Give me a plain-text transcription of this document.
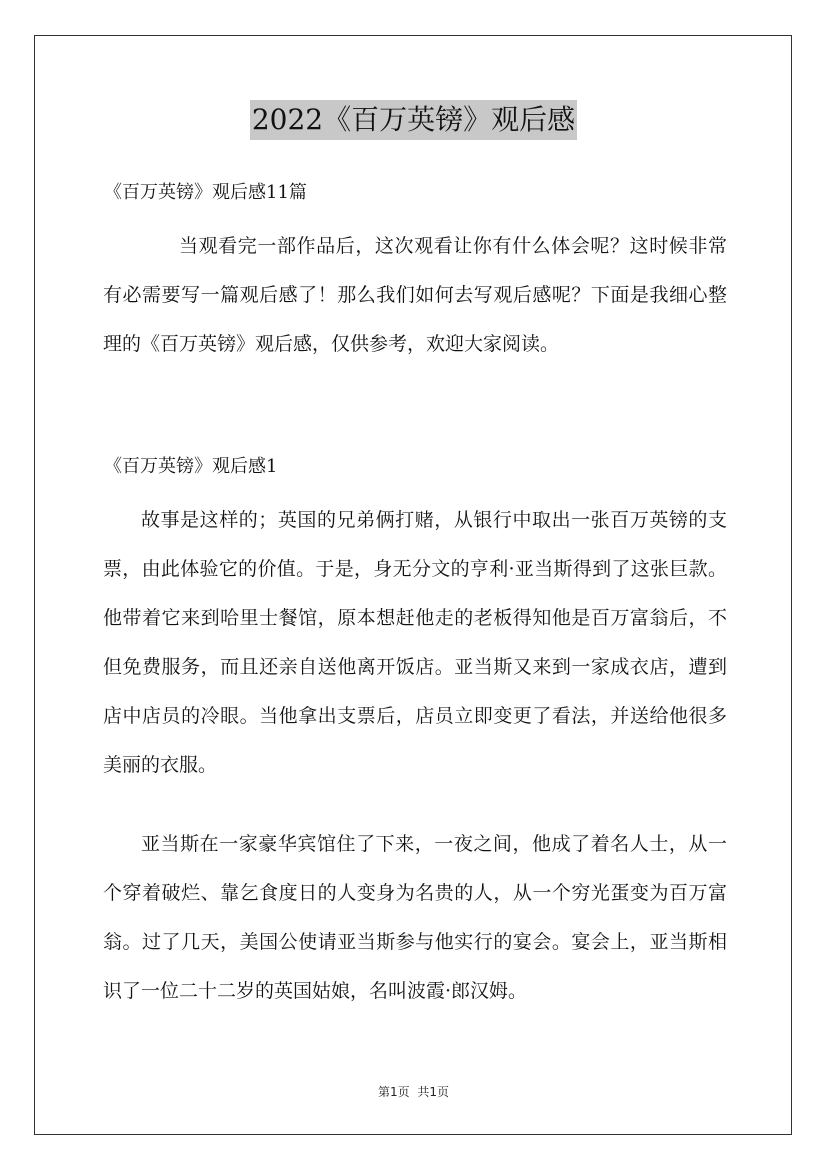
2022《百万英镑》观后感
《百万英镑》观后感11篇

当观看完一部作品后，这次观看让你有什么体会呢？这时候非常有必需要写一篇观后感了！那么我们如何去写观后感呢？下面是我细心整理的《百万英镑》观后感，仅供参考，欢迎大家阅读。

《百万英镑》观后感1

故事是这样的；英国的兄弟俩打赌，从银行中取出一张百万英镑的支票，由此体验它的价值。于是，身无分文的亨利·亚当斯得到了这张巨款。他带着它来到哈里士餐馆，原本想赶他走的老板得知他是百万富翁后，不但免费服务，而且还亲自送他离开饭店。亚当斯又来到一家成衣店，遭到店中店员的冷眼。当他拿出支票后，店员立即变更了看法，并送给他很多美丽的衣服。

亚当斯在一家豪华宾馆住了下来，一夜之间，他成了着名人士，从一个穿着破烂、靠乞食度日的人变身为名贵的人，从一个穷光蛋变为百万富翁。过了几天，美国公使请亚当斯参与他实行的宴会。宴会上，亚当斯相识了一位二十二岁的英国姑娘，名叫波霞·郎汉姆。

第1页 共1页
